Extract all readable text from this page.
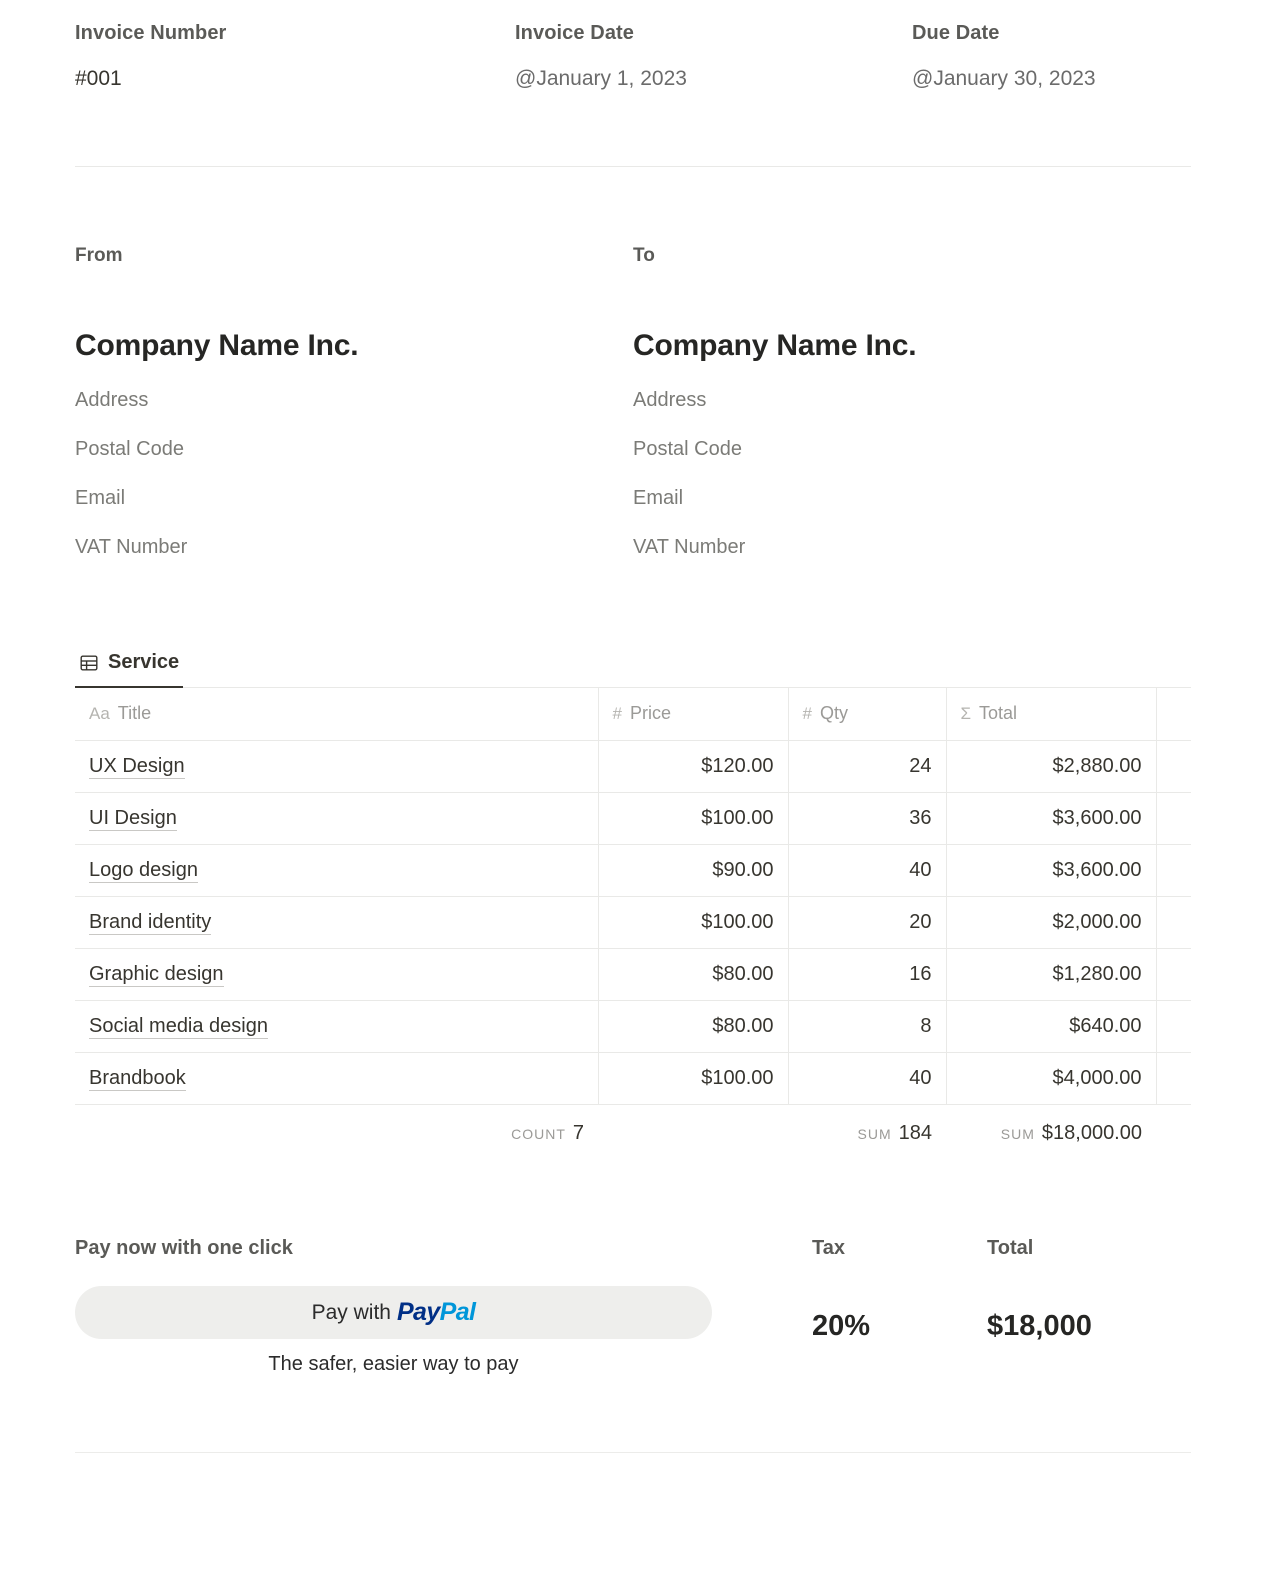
Invoice Number
#001
Invoice Date
@January 1, 2023
Due Date
@January 30, 2023
From
Company Name Inc.
Address
Postal Code
Email
VAT Number
To
Company Name Inc.
Address
Postal Code
Email
VAT Number
Service
Aa Title	# Price	# Qty	Σ Total	

UX Design	$120.00	24	$2,880.00	
UI Design	$100.00	36	$3,600.00	
Logo design	$90.00	40	$3,600.00	
Brand identity	$100.00	20	$2,000.00	
Graphic design	$80.00	16	$1,280.00	
Social media design	$80.00	8	$640.00	
Brandbook	$100.00	40	$4,000.00	
COUNT 7		SUM 184	SUM $18,000.00	
Pay now with one click
Pay with PayPal
The safer, easier way to pay
Tax
20%
Total
$18,000
